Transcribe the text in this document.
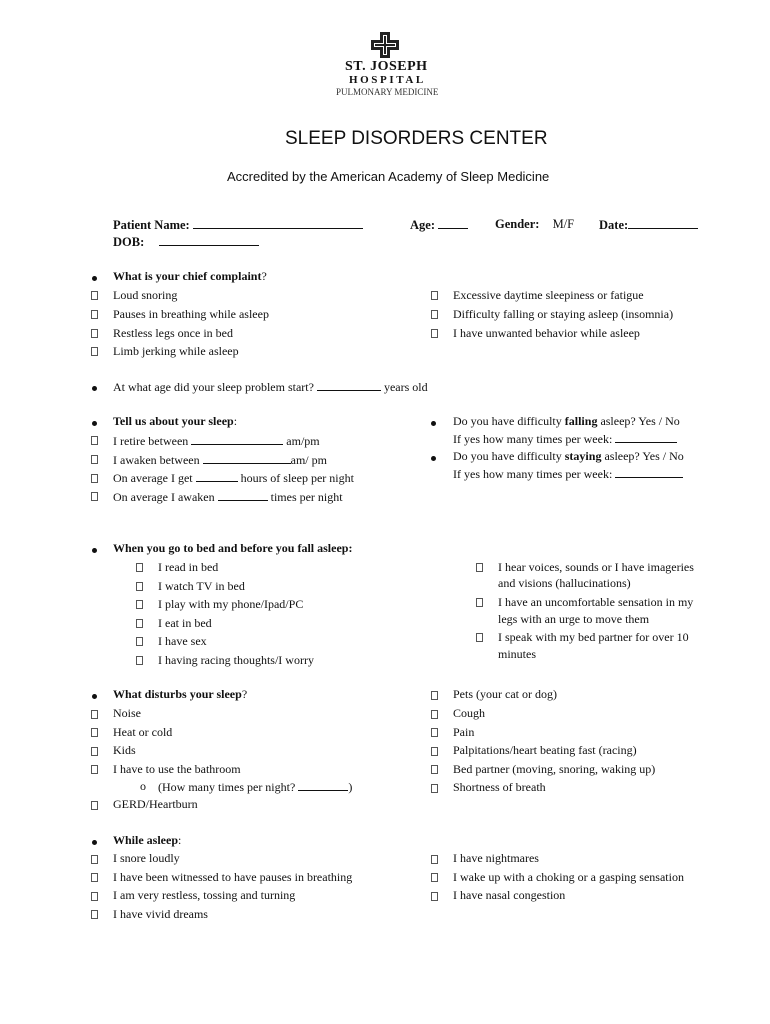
ST. JOSEPH
HOSPITAL
PULMONARY MEDICINE
SLEEP DISORDERS CENTER
Accredited by the American Academy of Sleep Medicine
Patient Name:	Age:	Gender: M/F Date:
DOB:
What is your chief complaint?
Loud snoring
Pauses in breathing while asleep
Restless legs once in bed
Limb jerking while asleep
Excessive daytime sleepiness or fatigue
Difficulty falling or staying asleep (insomnia)
I have unwanted behavior while asleep
At what age did your sleep problem start?	years old
Tell us about your sleep:
I retire between	am/pm
I awaken between	am/ pm
On average I get	hours of sleep per night
On average I awaken	times per night
Do you have difficulty falling asleep? Yes / No
If yes how many times per week:
Do you have difficulty staying asleep? Yes / No
If yes how many times per week:
When you go to bed and before you fall asleep:
I read in bed
I watch TV in bed
I play with my phone/Ipad/PC
I eat in bed
I have sex
I having racing thoughts/I worry
I hear voices, sounds or I have imageries
and visions (hallucinations)
I have an uncomfortable sensation in my
legs with an urge to move them
I speak with my bed partner for over 10
minutes
What disturbs your sleep?
Noise
Heat or cold
Kids
I have to use the bathroom
o (How many times per night?	)
GERD/Heartburn
Pets (your cat or dog)
Cough
Pain
Palpitations/heart beating fast (racing)
Bed partner (moving, snoring, waking up)
Shortness of breath
While asleep:
I snore loudly
I have been witnessed to have pauses in breathing
I am very restless, tossing and turning
I have vivid dreams
I have nightmares
I wake up with a choking or a gasping sensation
I have nasal congestion
